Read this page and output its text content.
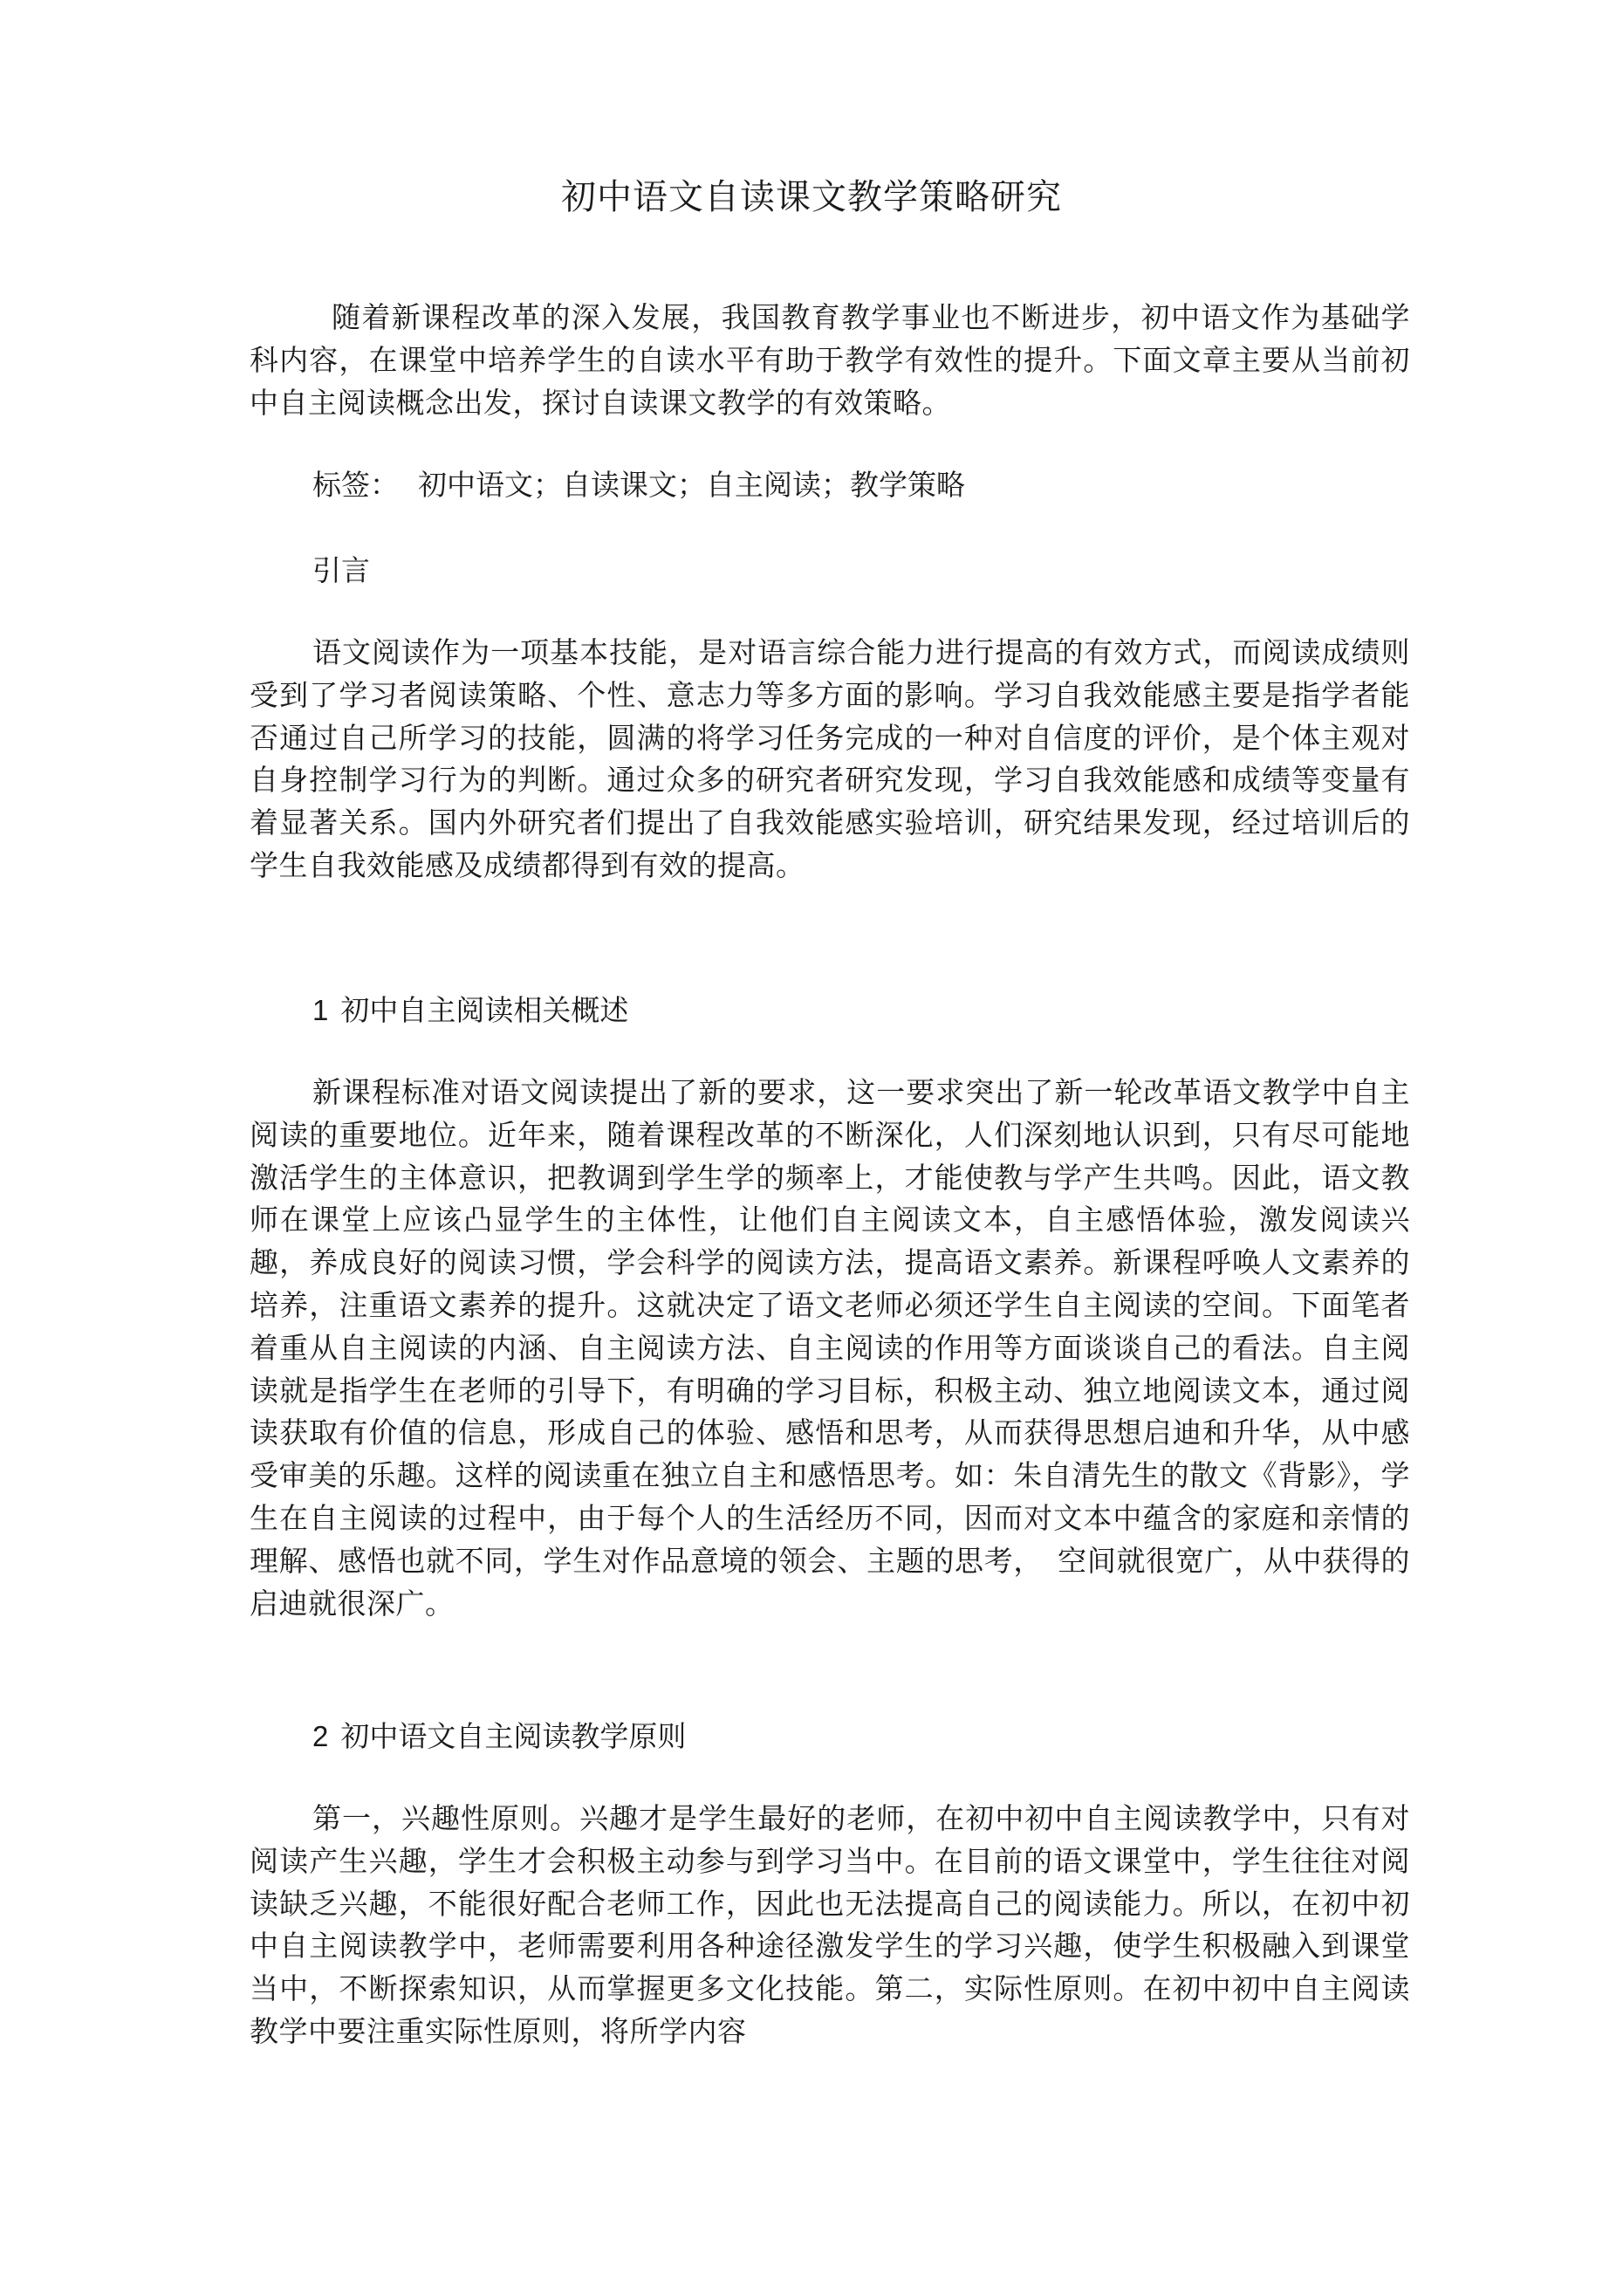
初中语文自读课文教学策略研究

随着新课程改革的深入发展，我国教育教学事业也不断进步，初中语文作为基础学科内容，在课堂中培养学生的自读水平有助于教学有效性的提升。下面文章主要从当前初中自主阅读概念出发，探讨自读课文教学的有效策略。

标签： 初中语文；自读课文；自主阅读；教学策略

引言

语文阅读作为一项基本技能，是对语言综合能力进行提高的有效方式，而阅读成绩则受到了学习者阅读策略、个性、意志力等多方面的影响。学习自我效能感主要是指学者能否通过自己所学习的技能，圆满的将学习任务完成的一种对自信度的评价，是个体主观对自身控制学习行为的判断。通过众多的研究者研究发现，学习自我效能感和成绩等变量有着显著关系。国内外研究者们提出了自我效能感实验培训，研究结果发现，经过培训后的学生自我效能感及成绩都得到有效的提高。

1 初中自主阅读相关概述

新课程标准对语文阅读提出了新的要求，这一要求突出了新一轮改革语文教学中自主阅读的重要地位。近年来，随着课程改革的不断深化，人们深刻地认识到，只有尽可能地激活学生的主体意识，把教调到学生学的频率上，才能使教与学产生共鸣。因此，语文教师在课堂上应该凸显学生的主体性，让他们自主阅读文本，自主感悟体验，激发阅读兴趣，养成良好的阅读习惯，学会科学的阅读方法，提高语文素养。新课程呼唤人文素养的培养，注重语文素养的提升。这就决定了语文老师必须还学生自主阅读的空间。下面笔者着重从自主阅读的内涵、自主阅读方法、自主阅读的作用等方面谈谈自己的看法。自主阅读就是指学生在老师的引导下，有明确的学习目标，积极主动、独立地阅读文本，通过阅读获取有价值的信息，形成自己的体验、感悟和思考，从而获得思想启迪和升华，从中感受审美的乐趣。这样的阅读重在独立自主和感悟思考。如：朱自清先生的散文《背影》，学生在自主阅读的过程中，由于每个人的生活经历不同，因而对文本中蕴含的家庭和亲情的理解、感悟也就不同，学生对作品意境的领会、主题的思考，　空间就很宽广，从中获得的启迪就很深广。

2 初中语文自主阅读教学原则

第一，兴趣性原则。兴趣才是学生最好的老师，在初中初中自主阅读教学中，只有对阅读产生兴趣，学生才会积极主动参与到学习当中。在目前的语文课堂中，学生往往对阅读缺乏兴趣，不能很好配合老师工作，因此也无法提高自己的阅读能力。所以，在初中初中自主阅读教学中，老师需要利用各种途径激发学生的学习兴趣，使学生积极融入到课堂当中，不断探索知识，从而掌握更多文化技能。第二，实际性原则。在初中初中自主阅读教学中要注重实际性原则，将所学内容
